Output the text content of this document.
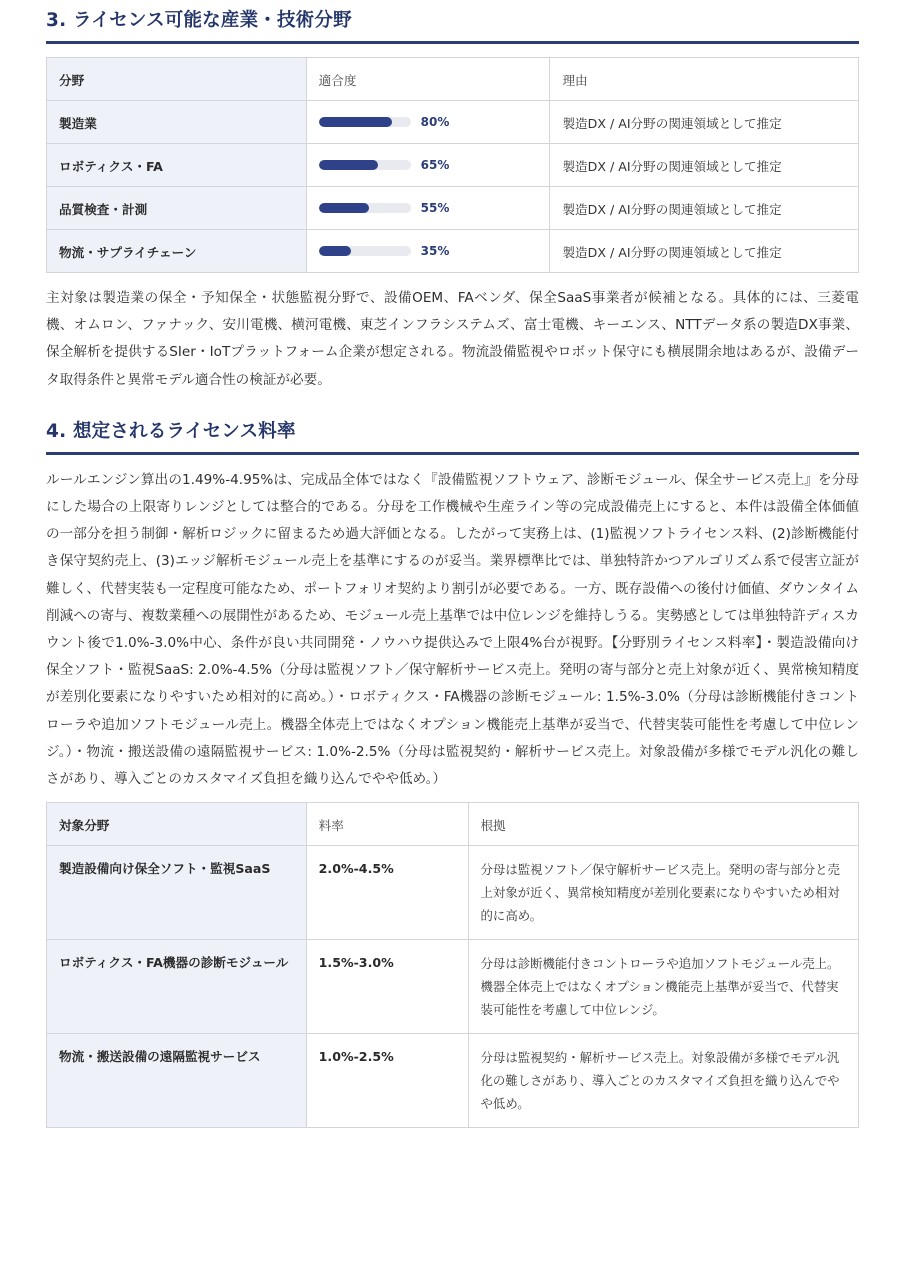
3. ライセンス可能な産業・技術分野
分野	適合度	理由
製造業	80%	製造DX / AI分野の関連領域として推定
ロボティクス・FA	65%	製造DX / AI分野の関連領域として推定
品質検査・計測	55%	製造DX / AI分野の関連領域として推定
物流・サプライチェーン	35%	製造DX / AI分野の関連領域として推定

主対象は製造業の保全・予知保全・状態監視分野で、設備OEM、FAベンダ、保全SaaS事業者が候補となる。具体的には、三菱電機、オムロン、ファナック、安川電機、横河電機、東芝インフラシステムズ、富士電機、キーエンス、NTTデータ系の製造DX事業、保全解析を提供するSIer・IoTプラットフォーム企業が想定される。物流設備監視やロボット保守にも横展開余地はあるが、設備データ取得条件と異常モデル適合性の検証が必要。

4. 想定されるライセンス料率

ルールエンジン算出の1.49%-4.95%は、完成品全体ではなく『設備監視ソフトウェア、診断モジュール、保全サービス売上』を分母にした場合の上限寄りレンジとしては整合的である。分母を工作機械や生産ライン等の完成設備売上にすると、本件は設備全体価値の一部分を担う制御・解析ロジックに留まるため過大評価となる。したがって実務上は、(1)監視ソフトライセンス料、(2)診断機能付き保守契約売上、(3)エッジ解析モジュール売上を基準にするのが妥当。業界標準比では、単独特許かつアルゴリズム系で侵害立証が難しく、代替実装も一定程度可能なため、ポートフォリオ契約より割引が必要である。一方、既存設備への後付け価値、ダウンタイム削減への寄与、複数業種への展開性があるため、モジュール売上基準では中位レンジを維持しうる。実勢感としては単独特許ディスカウント後で1.0%-3.0%中心、条件が良い共同開発・ノウハウ提供込みで上限4%台が視野。【分野別ライセンス料率】・製造設備向け保全ソフト・監視SaaS: 2.0%-4.5%（分母は監視ソフト／保守解析サービス売上。発明の寄与部分と売上対象が近く、異常検知精度が差別化要素になりやすいため相対的に高め。）・ロボティクス・FA機器の診断モジュール: 1.5%-3.0%（分母は診断機能付きコントローラや追加ソフトモジュール売上。機器全体売上ではなくオプション機能売上基準が妥当で、代替実装可能性を考慮して中位レンジ。）・物流・搬送設備の遠隔監視サービス: 1.0%-2.5%（分母は監視契約・解析サービス売上。対象設備が多様でモデル汎化の難しさがあり、導入ごとのカスタマイズ負担を織り込んでやや低め。）

対象分野	料率	根拠
製造設備向け保全ソフト・監視SaaS	2.0%-4.5%	分母は監視ソフト／保守解析サービス売上。発明の寄与部分と売上対象が近く、異常検知精度が差別化要素になりやすいため相対的に高め。
ロボティクス・FA機器の診断モジュール	1.5%-3.0%	分母は診断機能付きコントローラや追加ソフトモジュール売上。機器全体売上ではなくオプション機能売上基準が妥当で、代替実装可能性を考慮して中位レンジ。
物流・搬送設備の遠隔監視サービス	1.0%-2.5%	分母は監視契約・解析サービス売上。対象設備が多様でモデル汎化の難しさがあり、導入ごとのカスタマイズ負担を織り込んでやや低め。
